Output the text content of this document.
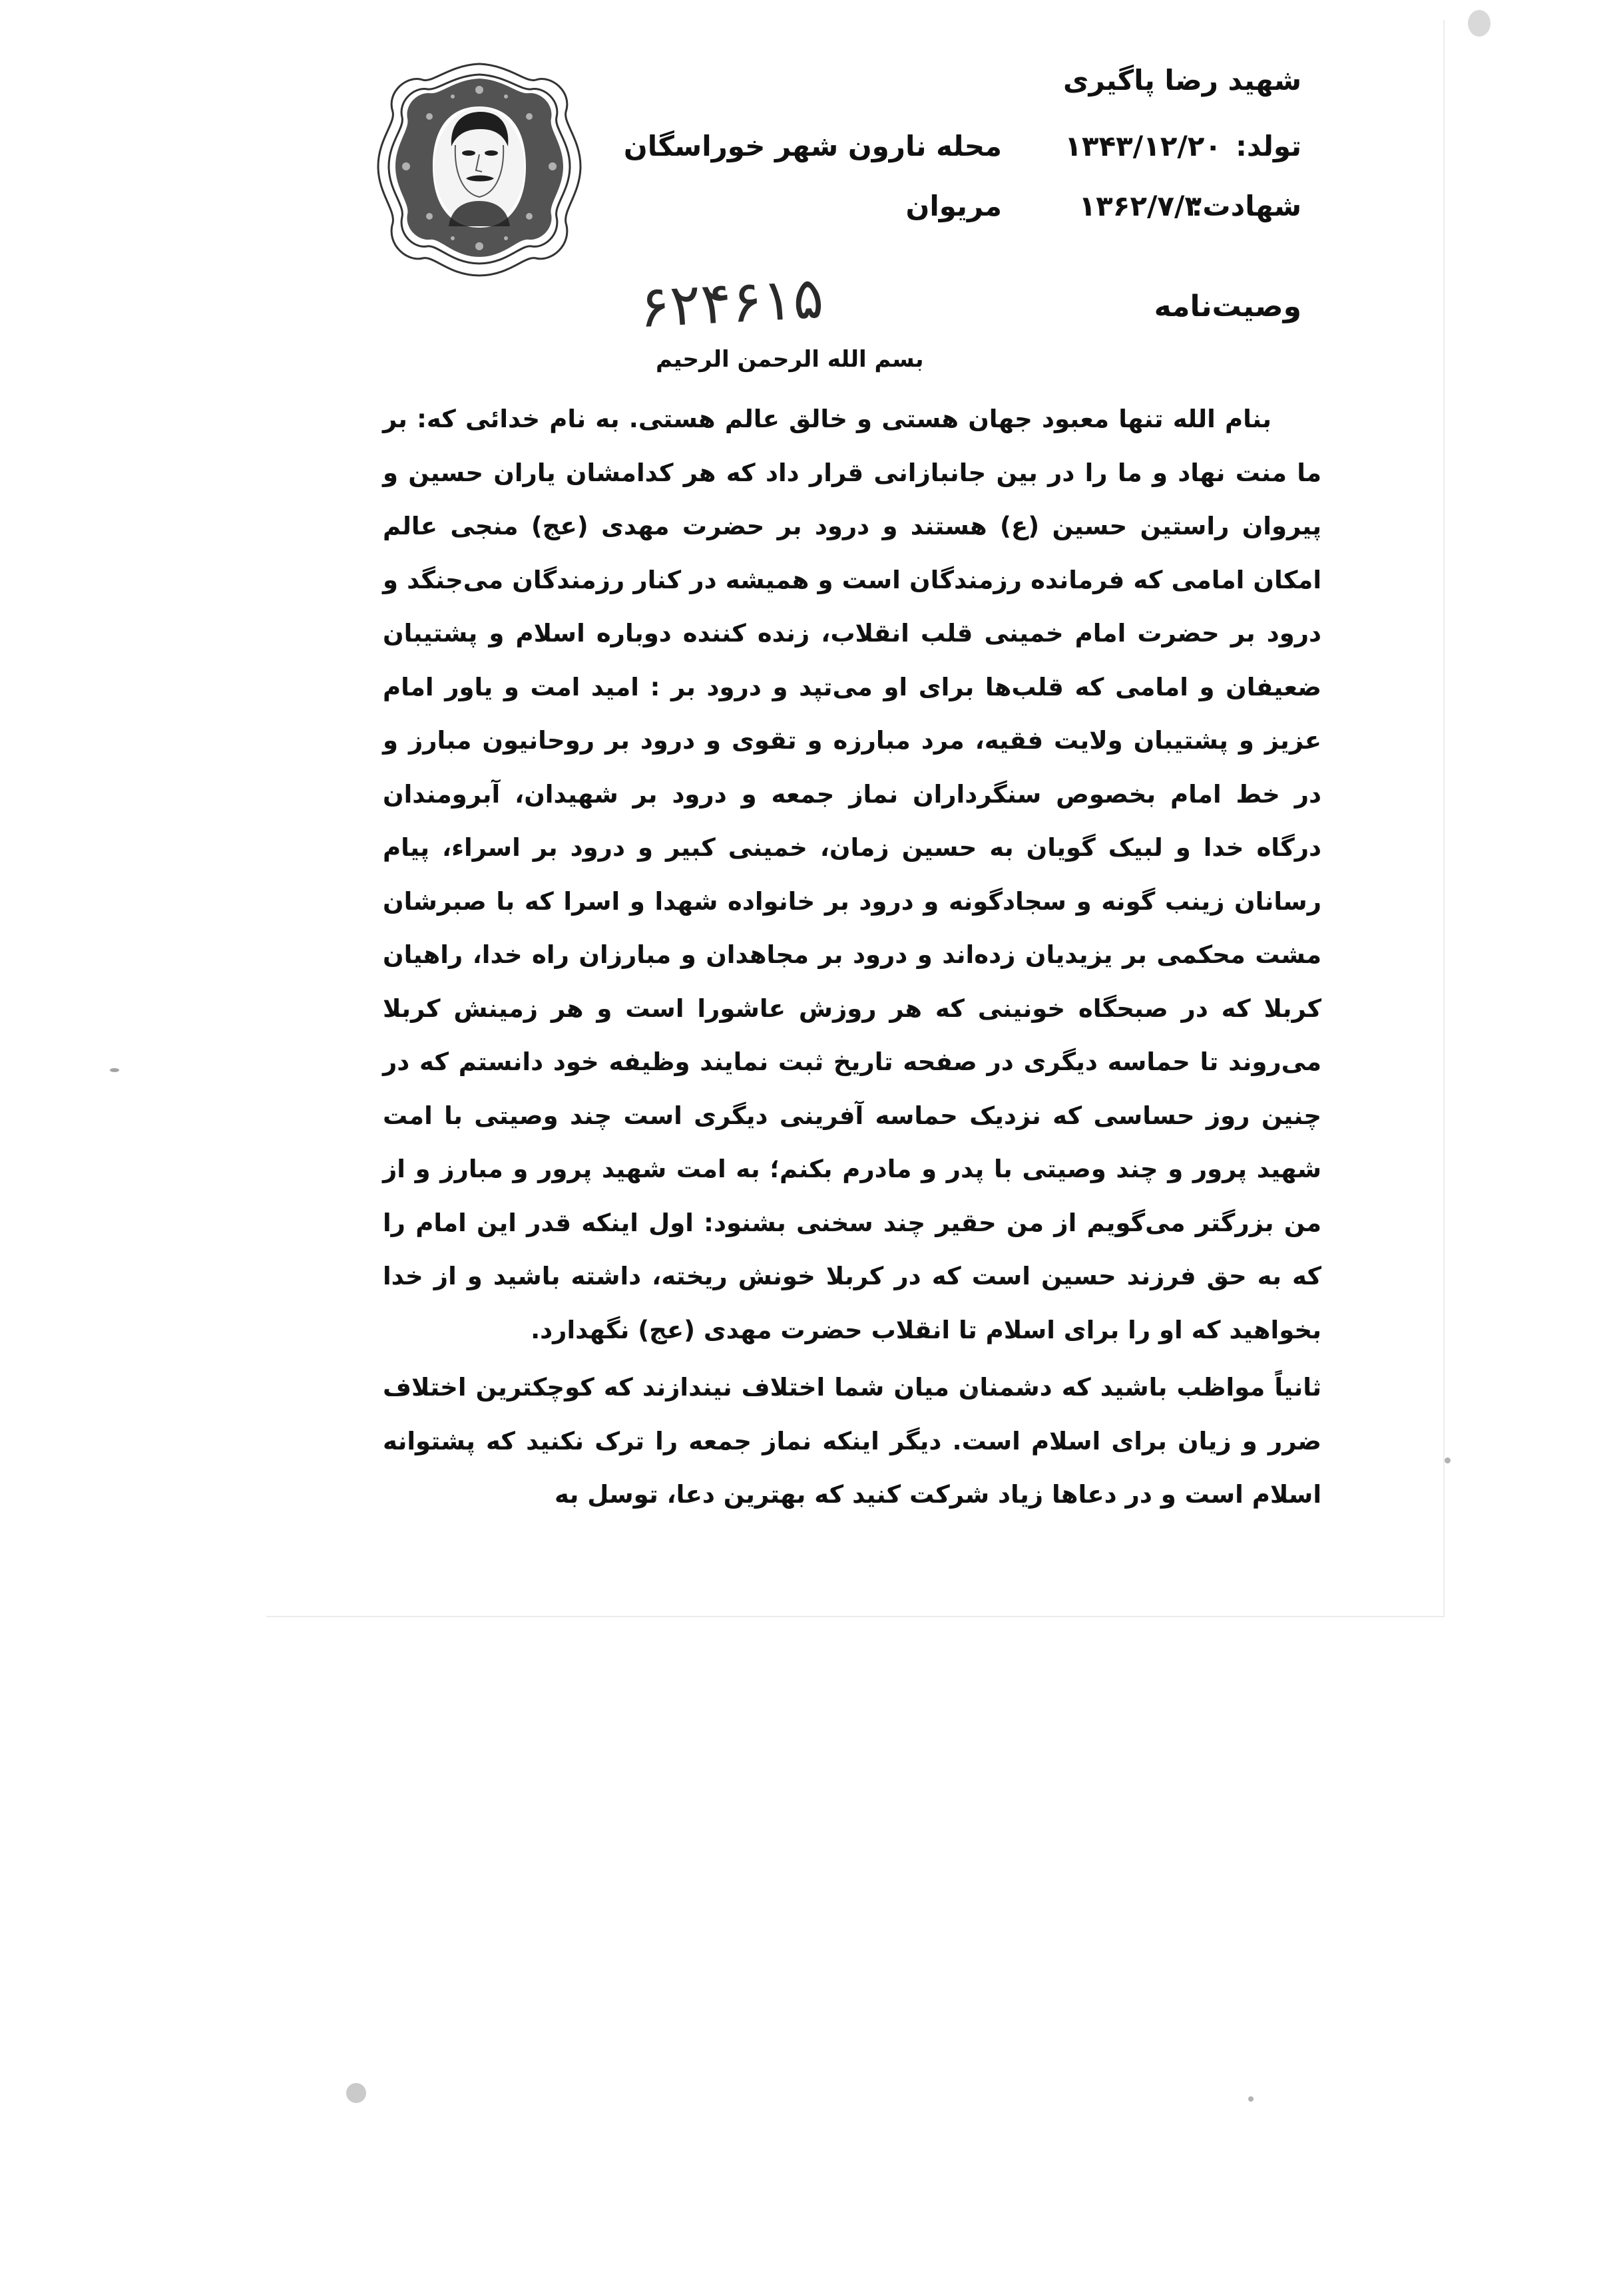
شهید رضا پاگیری
تولد:
۱۳۴۳/۱۲/۲۰
محله نارون شهر خوراسگان
شهادت:
۱۳۶۲/۷/۳
مریوان
وصیت‌نامه
۶۲۴۶۱۵
بسم الله الرحمن الرحیم

بنام الله تنها معبود جهان هستی و خالق عالم هستی. به نام خدائی که: بر ما منت نهاد و ما را در بین جانبازانی قرار داد که هر کدامشان یاران حسین و پیروان راستین حسین (ع) هستند و درود بر حضرت مهدی (عج) منجی عالم امکان امامی که فرمانده رزمندگان است و همیشه در کنار رزمندگان می‌جنگد و درود بر حضرت امام خمینی قلب انقلاب، زنده کننده دوباره اسلام و پشتیبان ضعیفان و امامی که قلب‌ها برای او می‌تپد و درود بر : امید امت و یاور امام عزیز و پشتیبان ولایت فقیه، مرد مبارزه و تقوی و درود بر روحانیون مبارز و در خط امام بخصوص سنگرداران نماز جمعه و درود بر شهیدان، آبرومندان درگاه خدا و لبیک گویان به حسین زمان، خمینی کبیر و درود بر اسراء، پیام رسانان زینب گونه و سجادگونه و درود بر خانواده شهدا و اسرا که با صبرشان مشت محکمی بر یزیدیان زده‌اند و درود بر مجاهدان و مبارزان راه خدا، راهیان کربلا که در صبحگاه خونینی که هر روزش عاشورا است و هر زمینش کربلا می‌روند تا حماسه دیگری در صفحه تاریخ ثبت نمایند وظیفه خود دانستم که در چنین روز حساسی که نزدیک حماسه آفرینی دیگری است چند وصیتی با امت شهید پرور و چند وصیتی با پدر و مادرم بکنم؛ به امت شهید پرور و مبارز و از من بزرگتر می‌گویم از من حقیر چند سخنی بشنود: اول اینکه قدر این امام را که به حق فرزند حسین است که در کربلا خونش ریخته، داشته باشید و از خدا بخواهید که او را برای اسلام تا انقلاب حضرت مهدی (عج) نگهدارد.

ثانیاً مواظب باشید که دشمنان میان شما اختلاف نیندازند که کوچکترین اختلاف ضرر و زیان برای اسلام است. دیگر اینکه نماز جمعه را ترک نکنید که پشتوانه اسلام است و در دعاها زیاد شرکت کنید که بهترین دعا، توسل به
